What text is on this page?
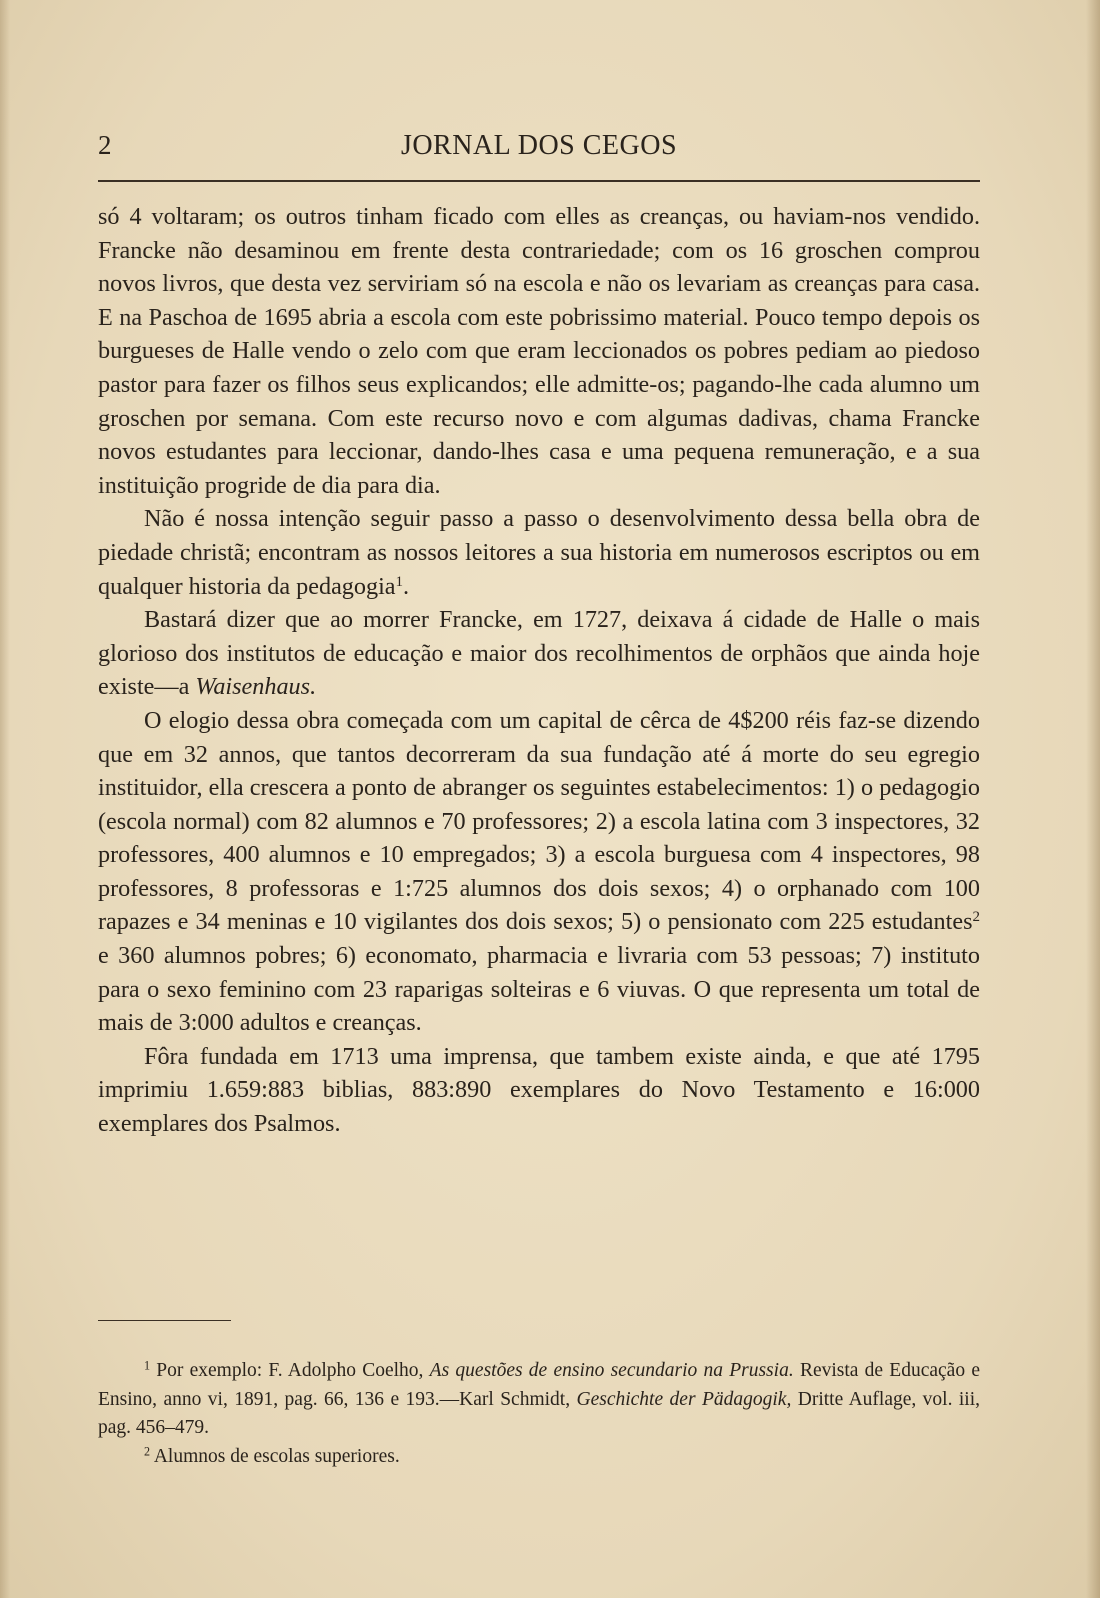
2	JORNAL DOS CEGOS

só 4 voltaram; os outros tinham ficado com elles as creanças, ou haviam-nos vendido. Francke não desaminou em frente desta contrariedade; com os 16 groschen comprou novos livros, que desta vez serviriam só na escola e não os levariam as creanças para casa. E na Paschoa de 1695 abria a escola com este pobrissimo material. Pouco tempo depois os burgueses de Halle vendo o zelo com que eram leccionados os pobres pediam ao piedoso pastor para fazer os filhos seus explicandos; elle admitte-os; pagando-lhe cada alumno um groschen por semana. Com este recurso novo e com algumas dadivas, chama Francke novos estudantes para leccionar, dando-lhes casa e uma pequena remuneração, e a sua instituição progride de dia para dia.

Não é nossa intenção seguir passo a passo o desenvolvimento dessa bella obra de piedade christã; encontram as nossos leitores a sua historia em numerosos escriptos ou em qualquer historia da pedagogia$^1$.

Bastará dizer que ao morrer Francke, em 1727, deixava á cidade de Halle o mais glorioso dos institutos de educação e maior dos recolhimentos de orphãos que ainda hoje existe—a Waisenhaus.

O elogio dessa obra começada com um capital de cêrca de 4$200 réis faz-se dizendo que em 32 annos, que tantos decorreram da sua fundação até á morte do seu egregio instituidor, ella crescera a ponto de abranger os seguintes estabelecimentos: 1) o pedagogio (escola normal) com 82 alumnos e 70 professores; 2) a escola latina com 3 inspectores, 32 professores, 400 alumnos e 10 empregados; 3) a escola burguesa com 4 inspectores, 98 professores, 8 professoras e 1:725 alumnos dos dois sexos; 4) o orphanado com 100 rapazes e 34 meninas e 10 vigilantes dos dois sexos; 5) o pensionato com 225 estudantes$^2$ e 360 alumnos pobres; 6) economato, pharmacia e livraria com 53 pessoas; 7) instituto para o sexo feminino com 23 raparigas solteiras e 6 viuvas. O que representa um total de mais de 3:000 adultos e creanças.

Fôra fundada em 1713 uma imprensa, que tambem existe ainda, e que até 1795 imprimiu 1.659:883 biblias, 883:890 exemplares do Novo Testamento e 16:000 exemplares dos Psalmos.

$^1$ Por exemplo: F. Adolpho Coelho, As questões de ensino secundario na Prussia. Revista de Educação e Ensino, anno vi, 1891, pag. 66, 136 e 193.—Karl Schmidt, Geschichte der Pädagogik, Dritte Auflage, vol. iii, pag. 456–479.

$^2$ Alumnos de escolas superiores.
